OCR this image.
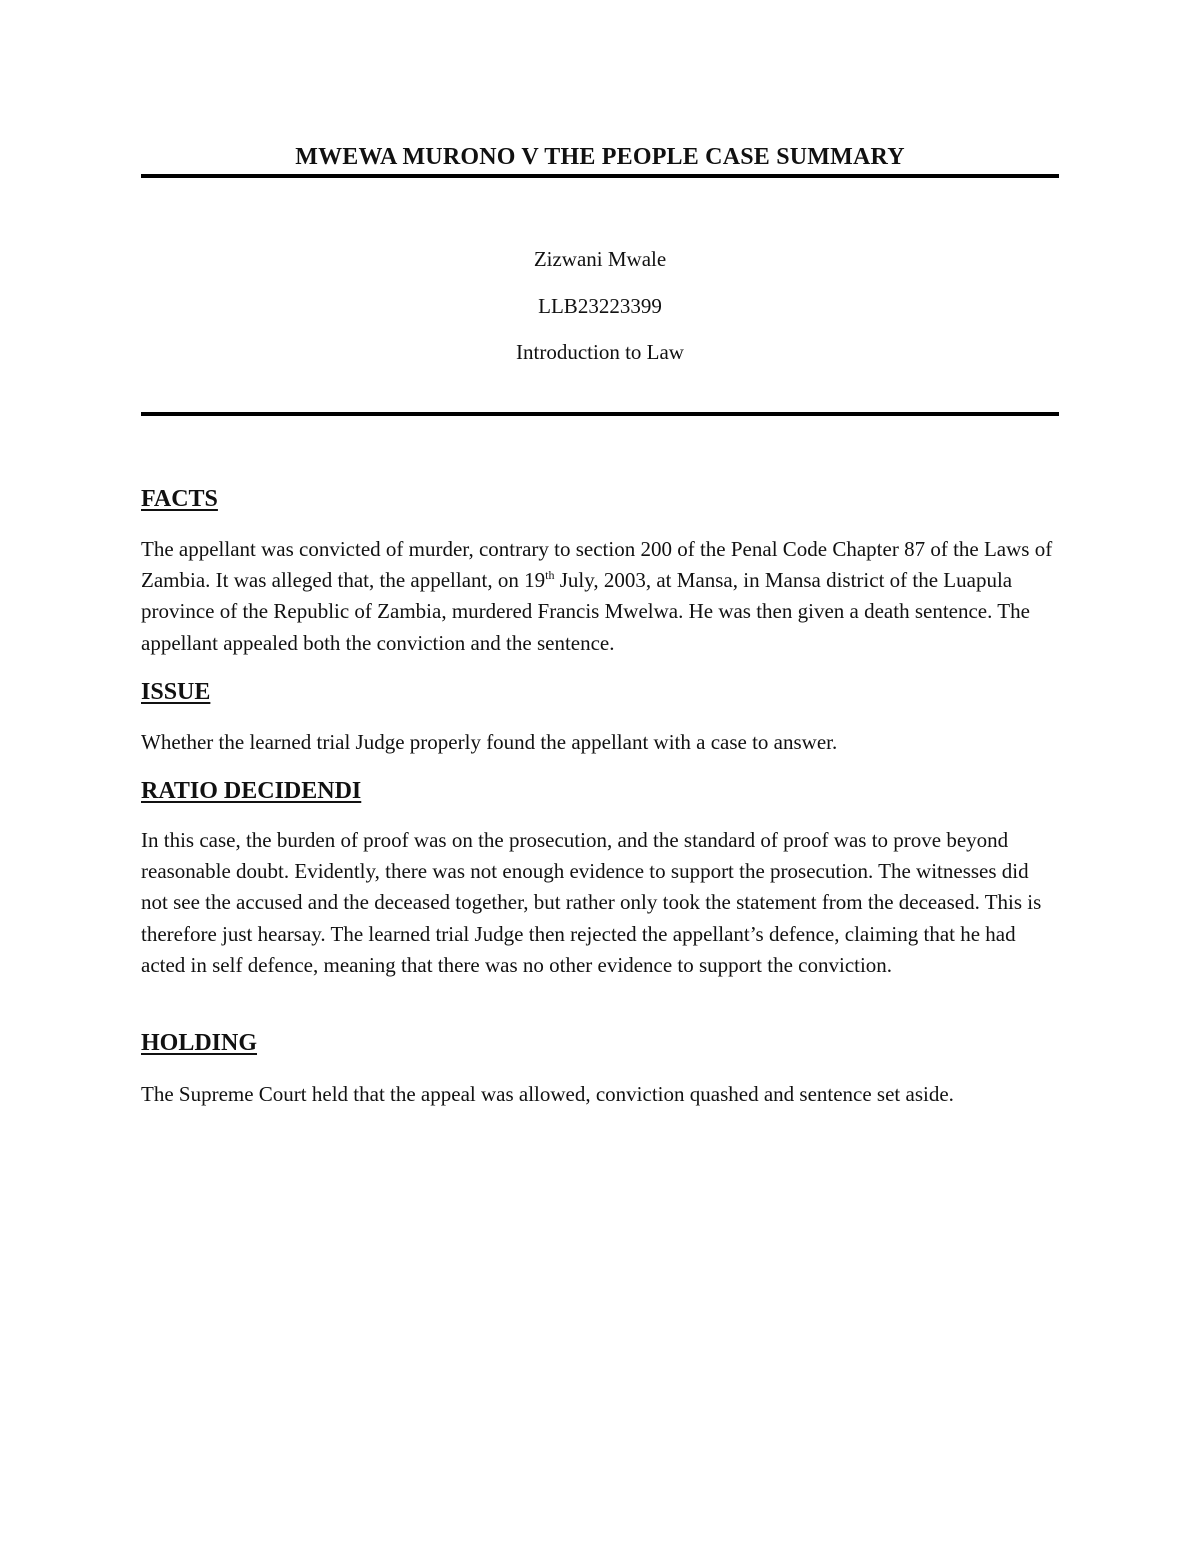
MWEWA MURONO V THE PEOPLE CASE SUMMARY
Zizwani Mwale
LLB23223399
Introduction to Law
FACTS
The appellant was convicted of murder, contrary to section 200 of the Penal Code Chapter 87 of the Laws of Zambia. It was alleged that, the appellant, on 19th July, 2003, at Mansa, in Mansa district of the Luapula province of the Republic of Zambia, murdered Francis Mwelwa. He was then given a death sentence. The appellant appealed both the conviction and the sentence.
ISSUE
Whether the learned trial Judge properly found the appellant with a case to answer.
RATIO DECIDENDI
In this case, the burden of proof was on the prosecution, and the standard of proof was to prove beyond reasonable doubt. Evidently, there was not enough evidence to support the prosecution. The witnesses did not see the accused and the deceased together, but rather only took the statement from the deceased. This is therefore just hearsay. The learned trial Judge then rejected the appellant’s defence, claiming that he had acted in self defence, meaning that there was no other evidence to support the conviction.
HOLDING
The Supreme Court held that the appeal was allowed, conviction quashed and sentence set aside.
